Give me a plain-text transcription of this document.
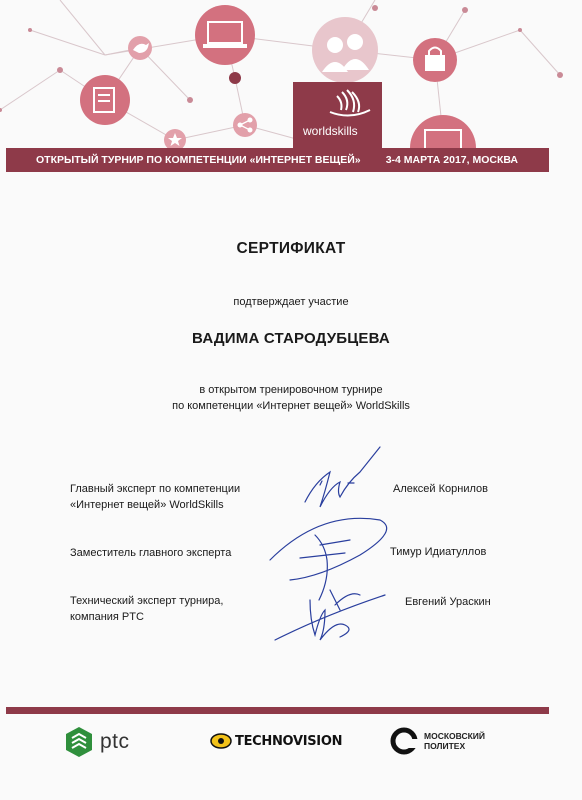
worldskills
ОТКРЫТЫЙ ТУРНИР ПО КОМПЕТЕНЦИИ «ИНТЕРНЕТ ВЕЩЕЙ» 3-4 МАРТА 2017, МОСКВА
СЕРТИФИКАТ
подтверждает участие
ВАДИМА СТАРОДУБЦЕВА
в открытом тренировочном турнире
по компетенции «Интернет вещей» WorldSkills
Главный эксперт по компетенции
«Интернет вещей» WorldSkills
Заместитель главного эксперта
Технический эксперт турнира,
компания PTC
Алексей Корнилов
Тимур Идиатуллов
Евгений Ураскин
ptc	TECHNOVISION	МОСКОВСКИЙ
ПОЛИТЕХ
